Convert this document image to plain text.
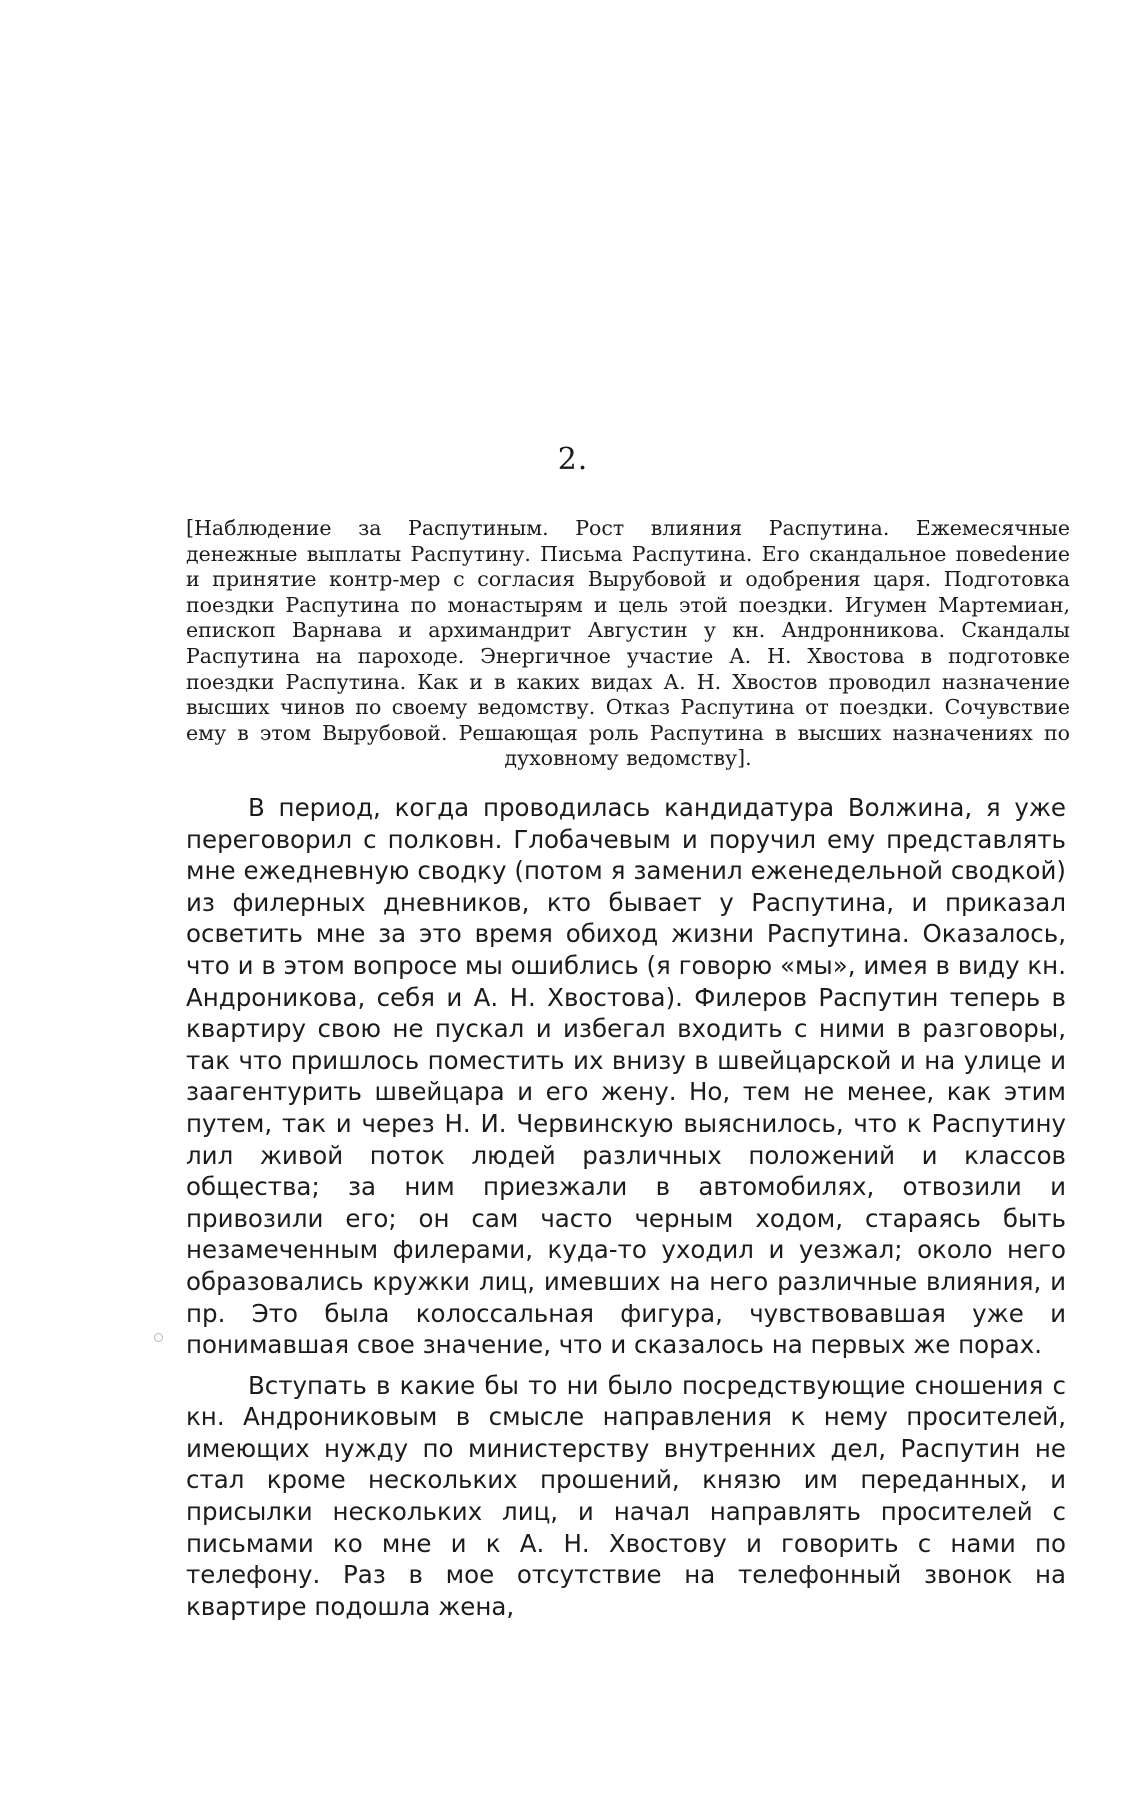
2.
[Наблюдение за Распутиным. Рост влияния Распутина. Ежемесячные денежные выплаты Распутину. Письма Распутина. Его скандальное повеdение и принятие контр-мер с согласия Вырубовой и одобрения царя. Подготовка поездки Распутина по монастырям и цель этой поездки. Игумен Мартемиан, епископ Варнава и архимандрит Августин у кн. Андронникова. Скандалы Распутина на пароходе. Энергичное участие А. Н. Хвостова в подготовке поездки Распутина. Как и в каких видах А. Н. Хвостов проводил назначение высших чинов по своему ведомству. Отказ Распутина от поездки. Сочувствие ему в этом Вырубовой. Решающая роль Распутина в высших назначениях по духовному ведомству].

В период, когда проводилась кандидатура Волжина, я уже переговорил с полковн. Глобачевым и поручил ему представлять мне ежедневную сводку (потом я заменил еженедельной сводкой) из филерных дневников, кто бывает у Распутина, и приказал осветить мне за это время обиход жизни Распутина. Оказалось, что и в этом вопросе мы ошиблись (я говорю «мы», имея в виду кн. Андроникова, себя и А. Н. Хвостова). Филеров Распутин теперь в квартиру свою не пускал и избегал входить с ними в разговоры, так что пришлось поместить их внизу в швейцарской и на улице и заагентурить швейцара и его жену. Но, тем не менее, как этим путем, так и через Н. И. Червинскую выяснилось, что к Распутину лил живой поток людей различных положений и классов общества; за ним приезжали в автомобилях, отвозили и привозили его; он сам часто черным ходом, стараясь быть незамеченным филерами, куда-то уходил и уезжал; около него образовались кружки лиц, имевших на него различные влияния, и пр. Это была колоссальная фигура, чувствовавшая уже и понимавшая свое значение, что и сказалось на первых же порах.

Вступать в какие бы то ни было посредствующие сношения с кн. Андрониковым в смысле направления к нему просителей, имеющих нужду по министерству внутренних дел, Распутин не стал кроме нескольких прошений, князю им переданных, и присылки нескольких лиц, и начал направлять просителей с письмами ко мне и к А. Н. Хвостову и говорить с нами по телефону. Раз в мое отсутствие на телефонный звонок на квартире подошла жена,
